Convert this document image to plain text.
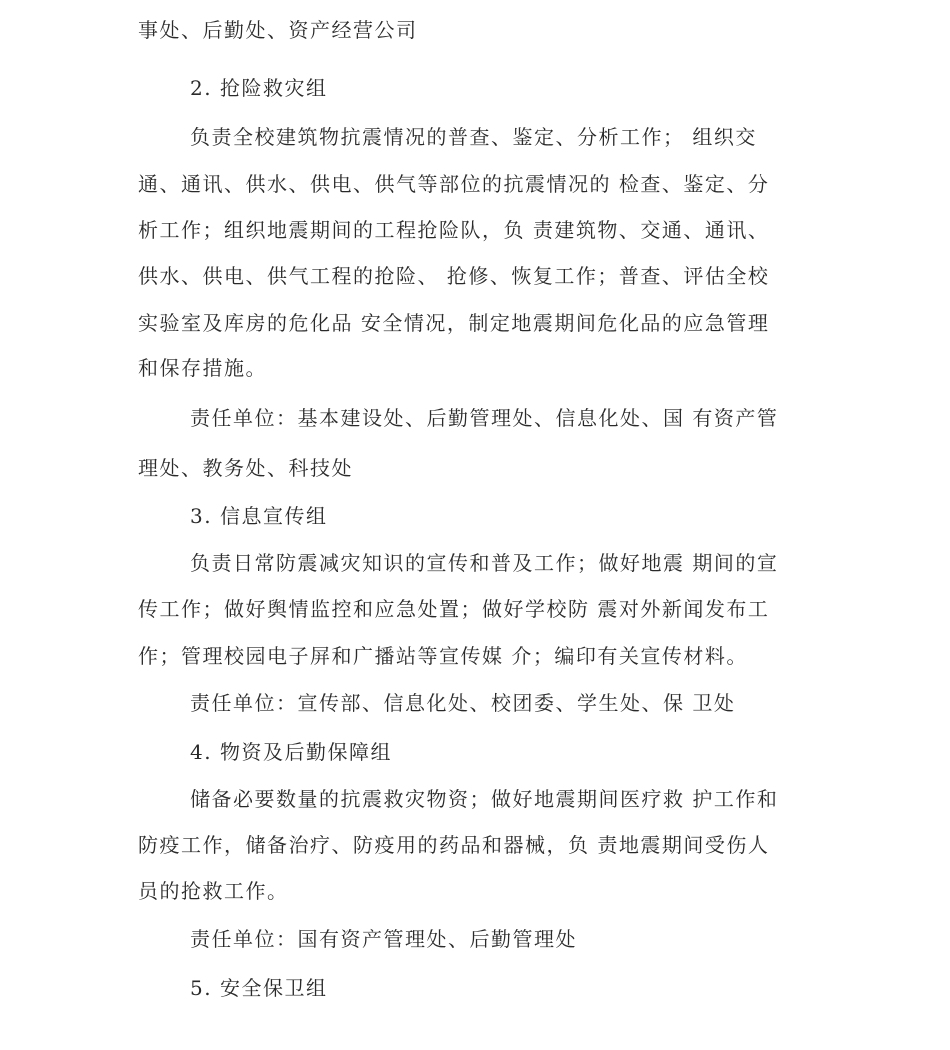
事处、后勤处、资产经营公司
2. 抢险救灾组
负责全校建筑物抗震情况的普查、鉴定、分析工作； 组织交
通、通讯、供水、供电、供气等部位的抗震情况的 检查、鉴定、分
析工作；组织地震期间的工程抢险队，负 责建筑物、交通、通讯、
供水、供电、供气工程的抢险、 抢修、恢复工作；普查、评估全校
实验室及库房的危化品 安全情况，制定地震期间危化品的应急管理
和保存措施。
责任单位：基本建设处、后勤管理处、信息化处、国 有资产管
理处、教务处、科技处
3. 信息宣传组
负责日常防震减灾知识的宣传和普及工作；做好地震 期间的宣
传工作；做好舆情监控和应急处置；做好学校防 震对外新闻发布工
作；管理校园电子屏和广播站等宣传媒 介；编印有关宣传材料。
责任单位：宣传部、信息化处、校团委、学生处、保 卫处
4. 物资及后勤保障组
储备必要数量的抗震救灾物资；做好地震期间医疗救 护工作和
防疫工作，储备治疗、防疫用的药品和器械，负 责地震期间受伤人
员的抢救工作。
责任单位：国有资产管理处、后勤管理处
5. 安全保卫组
